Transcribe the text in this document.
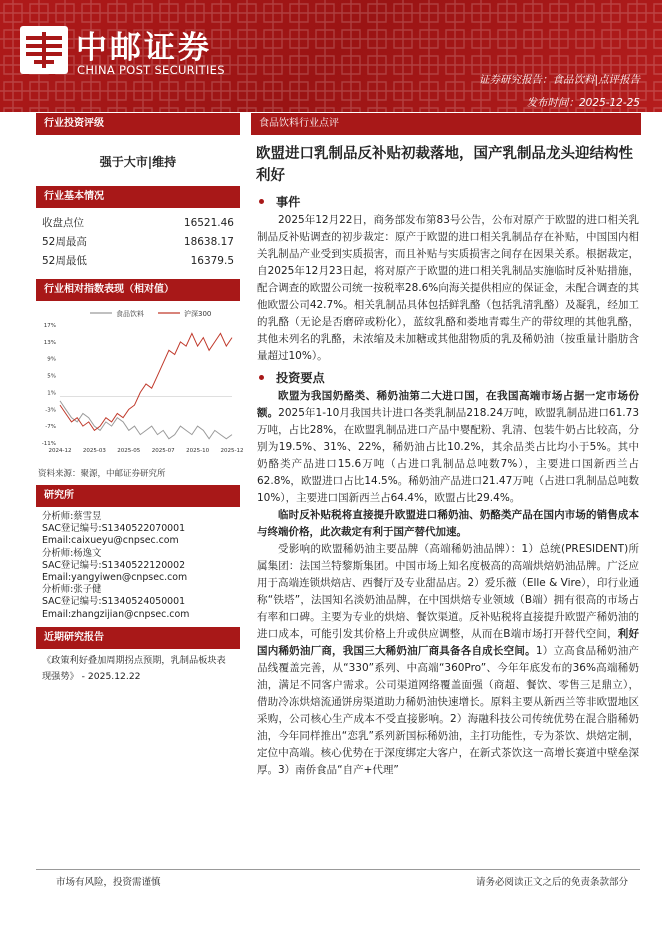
中邮证券
CHINA POST SECURITIES
证券研究报告：食品饮料|点评报告
发布时间：2025-12-25
行业投资评级
强于大市|维持
行业基本情况
收盘点位	16521.46
52周最高	18638.17
52周最低	16379.5
行业相对指数表现（相对值）
食品饮料	沪深300
17%
13%
9%
5%
1%
-3%
-7%
-11%
2024-12 2025-03 2025-05 2025-07 2025-10 2025-12
资料来源：聚源，中邮证券研究所
研究所
分析师:蔡雪昱
SAC登记编号:S1340522070001
Email:caixueyu@cnpsec.com
分析师:杨逸文
SAC登记编号:S1340522120002
Email:yangyiwen@cnpsec.com
分析师:张子健
SAC登记编号:S1340524050001
Email:zhangzijian@cnpsec.com
近期研究报告
《政策利好叠加周期拐点预期，乳制品板块表现强势》 - 2025.12.22
食品饮料行业点评
欧盟进口乳制品反补贴初裁落地，国产乳制品龙头迎结构性利好
事件

2025年12月22日，商务部发布第83号公告，公布对原产于欧盟的进口相关乳制品反补贴调查的初步裁定：原产于欧盟的进口相关乳制品存在补贴，中国国内相关乳制品产业受到实质损害，而且补贴与实质损害之间存在因果关系。根据裁定，自2025年12月23日起，将对原产于欧盟的进口相关乳制品实施临时反补贴措施，配合调查的欧盟公司统一按税率28.6%向海关提供相应的保证金，未配合调查的其他欧盟公司42.7%。相关乳制品具体包括鲜乳酪（包括乳清乳酪）及凝乳，经加工的乳酪（无论是否磨碎或粉化），蓝纹乳酪和娄地青霉生产的带纹理的其他乳酪，其他未列名的乳酪，未浓缩及未加糖或其他甜物质的乳及稀奶油（按重量计脂肪含量超过10%）。

投资要点

欧盟为我国奶酪类、稀奶油第二大进口国，在我国高端市场占据一定市场份额。2025年1-10月我国共计进口各类乳制品218.24万吨，欧盟乳制品进口61.73万吨，占比28%，在欧盟乳制品进口产品中婴配粉、乳清、包装牛奶占比较高，分别为19.5%、31%、22%，稀奶油占比10.2%，其余品类占比均小于5%。其中奶酪类产品进口15.6万吨（占进口乳制品总吨数7%），主要进口国新西兰占62.8%，欧盟进口占比14.5%。稀奶油产品进口21.47万吨（占进口乳制品总吨数10%），主要进口国新西兰占64.4%，欧盟占比29.4%。

临时反补贴税将直接提升欧盟进口稀奶油、奶酪类产品在国内市场的销售成本与终端价格，此次裁定有利于国产替代加速。

受影响的欧盟稀奶油主要品牌（高端稀奶油品牌）：1）总统(PRESIDENT)所属集团：法国兰特黎斯集团。中国市场上知名度极高的高端烘焙奶油品牌。广泛应用于高端连锁烘焙店、西餐厅及专业甜品店。2）爱乐薇（Elle & Vire），印行业通称“铁塔”，法国知名淡奶油品牌，在中国烘焙专业领域（B端）拥有很高的市场占有率和口碑。主要为专业的烘焙、餐饮渠道。反补贴税将直接提升欧盟产稀奶油的进口成本，可能引发其价格上升或供应调整，从而在B端市场打开替代空间，利好国内稀奶油厂商，我国三大稀奶油厂商具备各自成长空间。1）立高食品稀奶油产品线覆盖完善，从“330”系列、中高端“360Pro”、今年年底发布的36%高端稀奶油，满足不同客户需求。公司渠道网络覆盖面强（商超、餐饮、零售三足鼎立），借助冷冻烘焙流通饼房渠道助力稀奶油快速增长。原料主要从新西兰等非欧盟地区采购，公司核心生产成本不受直接影响。2）海融科技公司传统优势在混合脂稀奶油，今年同样推出“恋乳”系列新国标稀奶油，主打功能性，专为茶饮、烘焙定制，定位中高端。核心优势在于深度绑定大客户，在新式茶饮这一高增长赛道中壁垒深厚。3）南侨食品“自产+代理”

市场有风险，投资需谨慎	请务必阅读正文之后的免责条款部分
